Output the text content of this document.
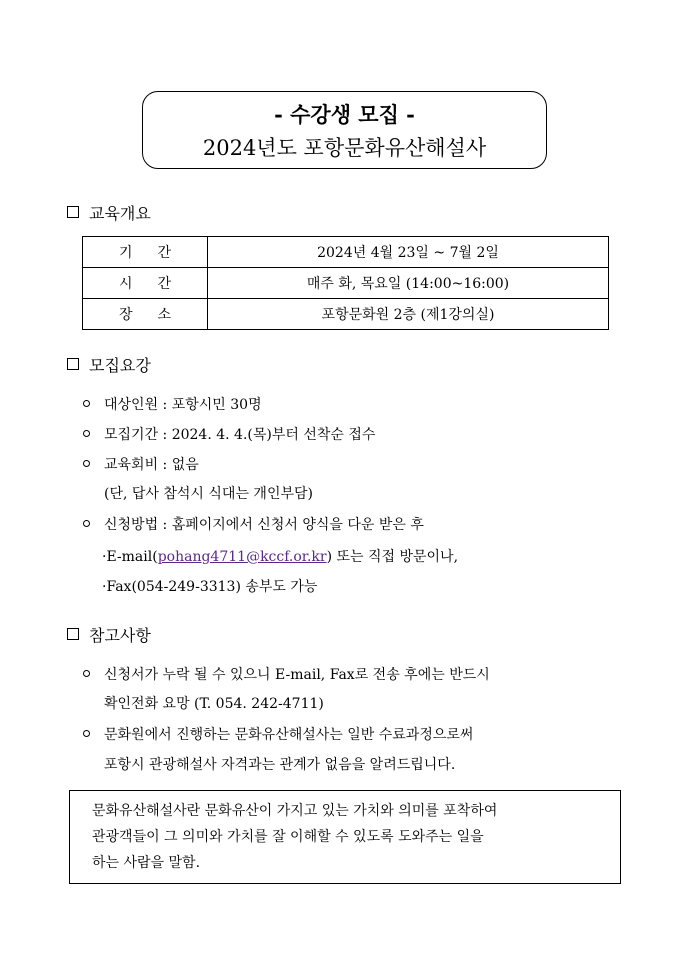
- 수강생 모집 -
2024년도 포항문화유산해설사
교육개요
기 간	2024년 4월 23일 ~ 7월 2일

시 간	매주 화, 목요일 (14:00~16:00)

장 소	포항문화원 2층 (제1강의실)
모집요강
대상인원 : 포항시민 30명
모집기간 : 2024. 4. 4.(목)부터 선착순 접수
교육회비 : 없음
(단, 답사 참석시 식대는 개인부담)
신청방법 : 홈페이지에서 신청서 양식을 다운 받은 후
·E-mail(pohang4711@kccf.or.kr) 또는 직접 방문이나,
·Fax(054-249-3313) 송부도 가능
참고사항
신청서가 누락 될 수 있으니 E-mail, Fax로 전송 후에는 반드시
확인전화 요망 (T. 054. 242-4711)
문화원에서 진행하는 문화유산해설사는 일반 수료과정으로써
포항시 관광해설사 자격과는 관계가 없음을 알려드립니다.
문화유산해설사란 문화유산이 가지고 있는 가치와 의미를 포착하여
관광객들이 그 의미와 가치를 잘 이해할 수 있도록 도와주는 일을
하는 사람을 말함.
